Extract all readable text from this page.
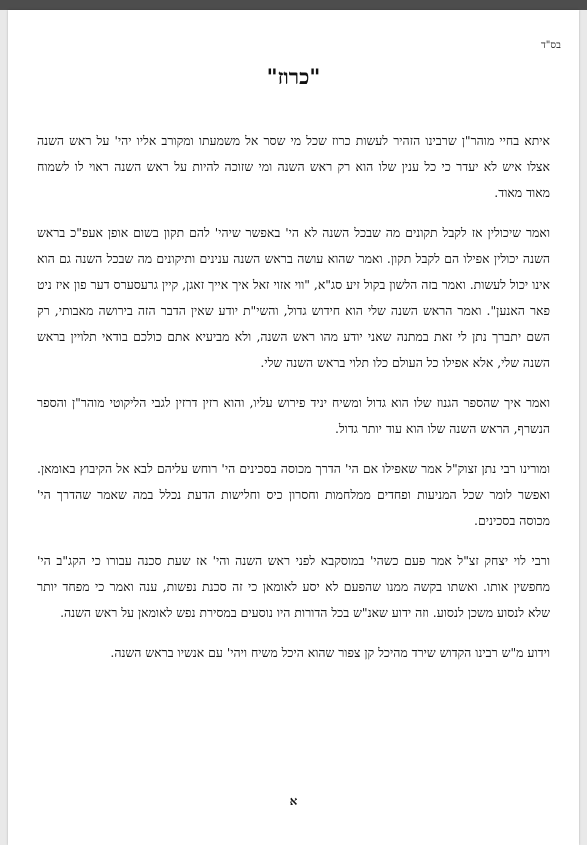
בס"ד
"כרוז"

איתא בחיי מוהר"ן שרבינו הזהיר לעשות כרוז שכל מי שסר אל משמעתו ומקורב אליו יהי' על ראש השנה אצלו איש לא יעדר כי כל ענין שלו הוא רק ראש השנה ומי שזוכה להיות על ראש השנה ראוי לו לשמוח מאוד מאוד.

ואמר שיכולין אז לקבל תקונים מה שבכל השנה לא הי' באפשר שיהי' להם תקון בשום אופן אעפ"כ בראש השנה יכולין אפילו הם לקבל תקון. ואמר שהוא עושה בראש השנה ענינים ותיקונים מה שבכל השנה גם הוא אינו יכול לעשות. ואמר בזה הלשון בקול זיע סג"א, "ווי אזוי זאל איך אייך זאגן, קיין גרעסערס דער פון איז ניט פאר האנען". ואמר הראש השנה שלי הוא חידוש גדול, והשי"ת יודע שאין הדבר הזה בירושה מאבותי, רק השם יתברך נתן לי זאת במתנה שאני יודע מהו ראש השנה, ולא מביעיא אתם כולכם בודאי תלויין בראש השנה שלי, אלא אפילו כל העולם כלו תלוי בראש השנה שלי.

ואמר איך שהספר הגנוז שלו הוא גדול ומשיח יניד פירוש עליו, והוא רזין דרזין לגבי הליקוטי מוהר"ן והספר הנשרף, הראש השנה שלו הוא עוד יותר גדול.

ומורינו רבי נתן זצוק"ל אמר שאפילו אם הי' הדרך מכוסה בסכינים הי' רוחש עליהם לבא אל הקיבוץ באומאן. ואפשר לומר שכל המניעות ופחדים ממלחמות וחסרון כיס וחלישות הדעת נכלל במה שאמר שהדרך הי' מכוסה בסכינים.

ורבי לוי יצחק זצ"ל אמר פעם כשהי' במוסקבא לפני ראש השנה והי' אז שעת סכנה עבורו כי הקג"ב הי' מחפשין אותו. ואשתו בקשה ממנו שהפעם לא יסע לאומאן כי זה סכנת נפשות, ענה ואמר כי מפחד יותר שלא לנסוע משכן לנסוע. וזה ידוע שאנ"ש בכל הדורות היו נוסעים במסירת נפש לאומאן על ראש השנה.

וידוע מ"ש רבינו הקדוש שירד מהיכל קן צפור שהוא היכל משיח ויהי' עם אנשיו בראש השנה.

א
